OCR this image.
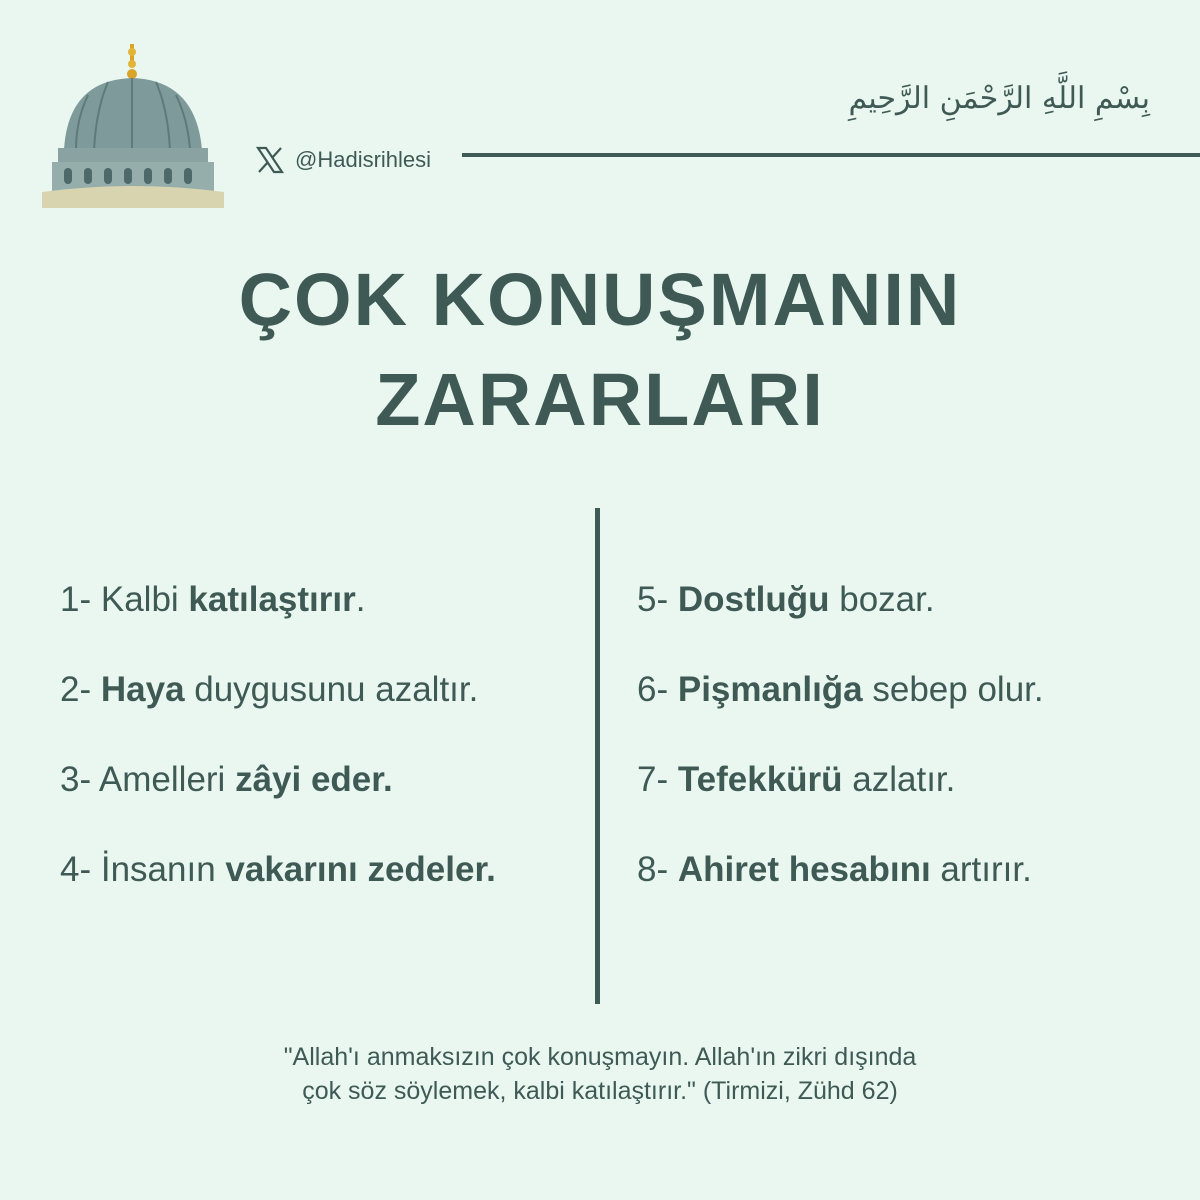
بِسْمِ اللَّهِ الرَّحْمَنِ الرَّحِيمِ
@Hadisrihlesi
ÇOK KONUŞMANIN
ZARARLARI
1- Kalbi katılaştırır.
2- Haya duygusunu azaltır.
3- Amelleri zâyi eder.
4- İnsanın vakarını zedeler.
5- Dostluğu bozar.
6- Pişmanlığa sebep olur.
7- Tefekkürü azlatır.
8- Ahiret hesabını artırır.
"Allah'ı anmaksızın çok konuşmayın. Allah'ın zikri dışında
çok söz söylemek, kalbi katılaştırır." (Tirmizi, Zühd 62)
